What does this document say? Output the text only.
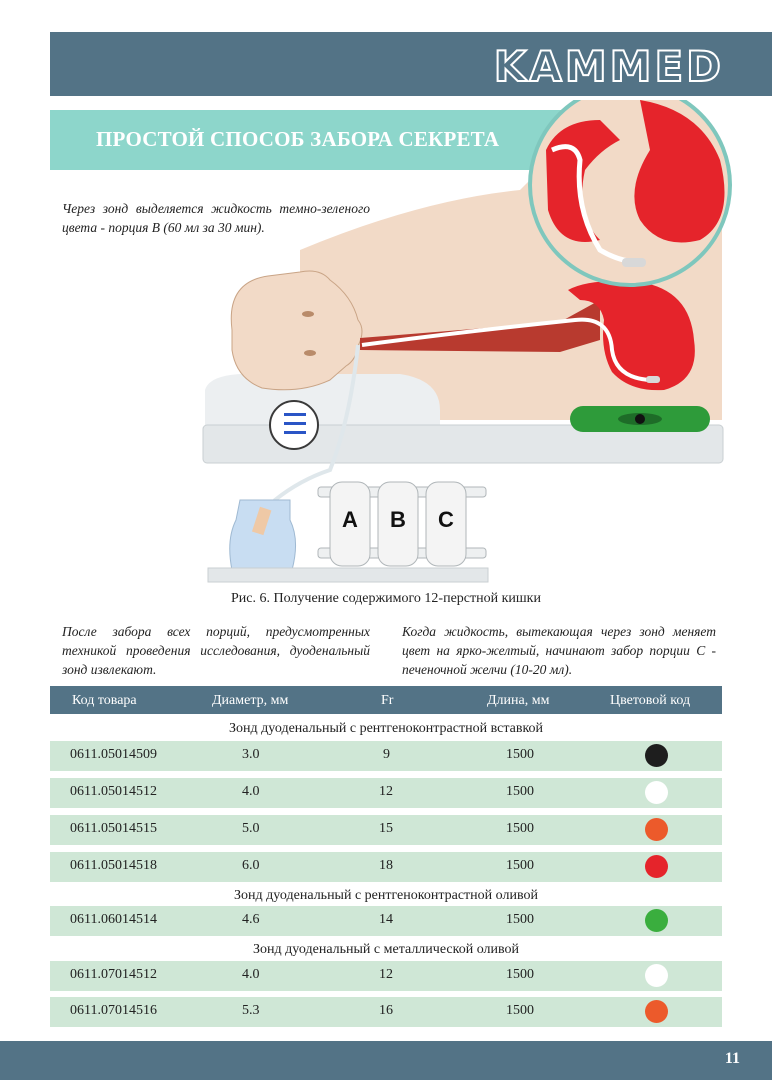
KAMMED
ПРОСТОЙ СПОСОБ ЗАБОРА СЕКРЕТА
A B C
Через зонд выделяется жидкость темно-зеленого цвета - порция В (60 мл за 30 мин).
Рис. 6. Получение содержимого 12-перстной кишки
После забора всех порций, предусмотренных техникой проведения исследования, дуоденальный зонд извлекают.
Когда жидкость, вытекающая через зонд меняет цвет на ярко-желтый, начинают забор порции С - печеночной желчи (10-20 мл).
Код товара	Диаметр, мм	Fr	Длина, мм	Цветовой код
Зонд дуоденальный с рентгеноконтрастной вставкой
0611.05014509	3.0	9	1500
0611.05014512	4.0	12	1500
0611.05014515	5.0	15	1500
0611.05014518	6.0	18	1500
Зонд дуоденальный с рентгеноконтрастной оливой
0611.06014514	4.6	14	1500
Зонд дуоденальный с металлической оливой
0611.07014512	4.0	12	1500
0611.07014516	5.3	16	1500
11
